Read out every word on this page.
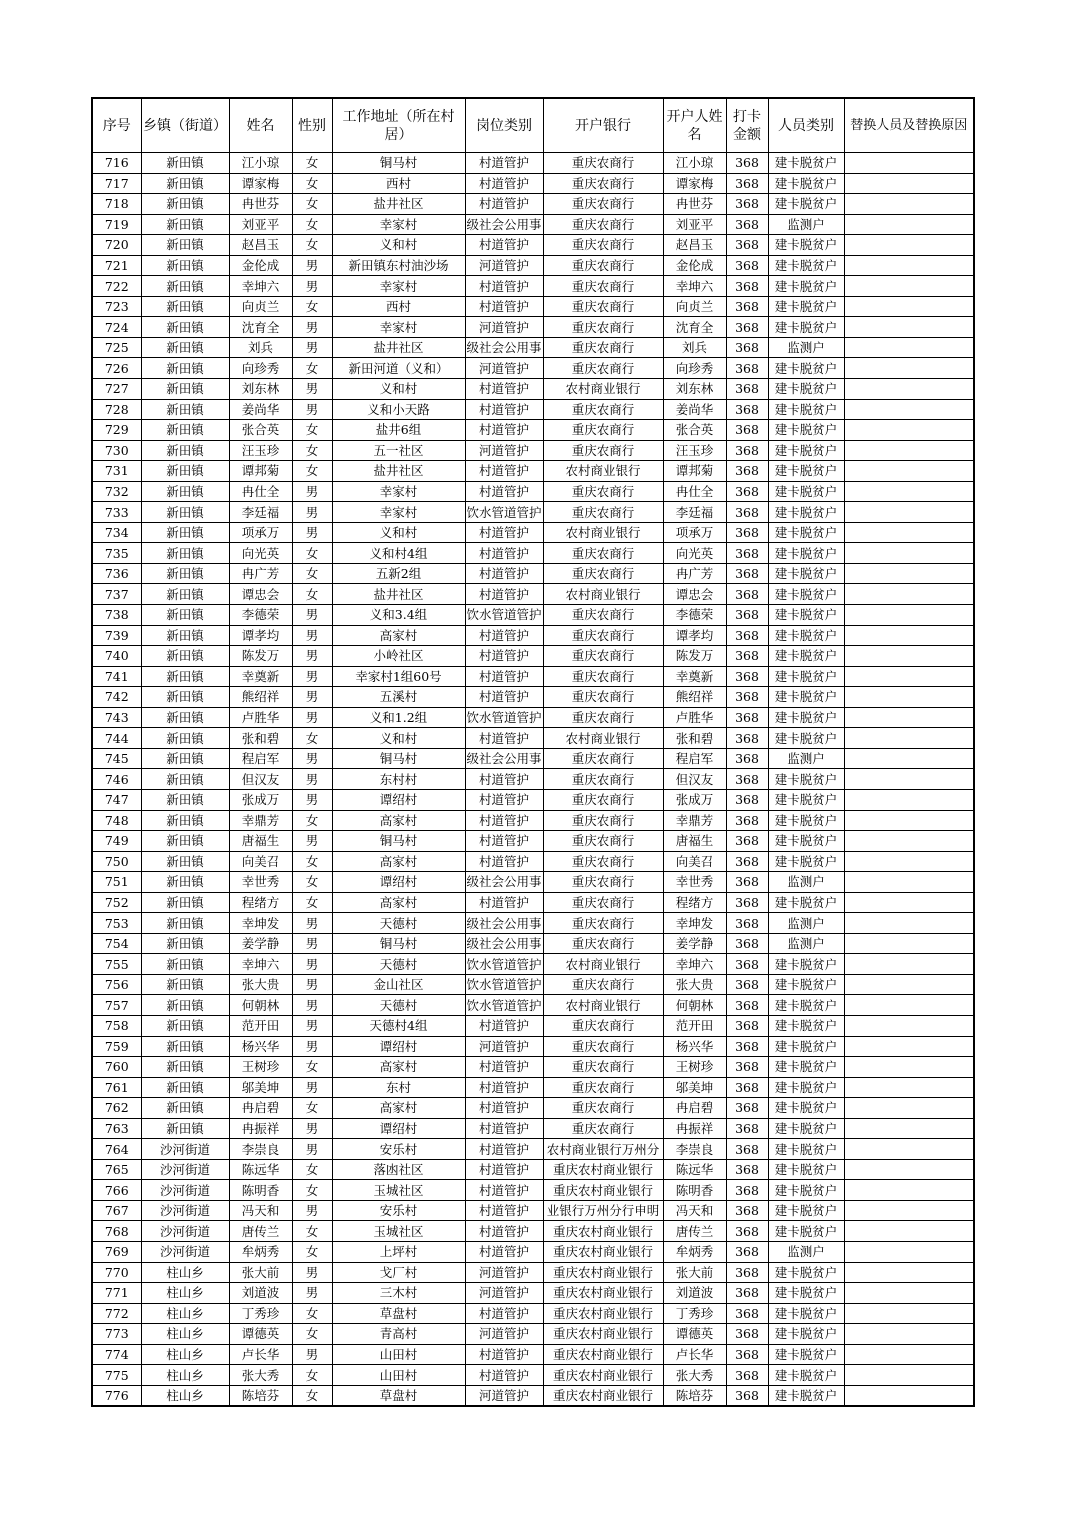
序号	乡镇（街道）	姓名	性别	工作地址（所在村居）	岗位类别	开户银行	开户人姓名	打卡金额	人员类别	替换人员及替换原因

716	新田镇	江小琼	女	铜马村	村道管护	重庆农商行	江小琼	368	建卡脱贫户	

717	新田镇	谭家梅	女	西村	村道管护	重庆农商行	谭家梅	368	建卡脱贫户	

718	新田镇	冉世芬	女	盐井社区	村道管护	重庆农商行	冉世芬	368	建卡脱贫户	

719	新田镇	刘亚平	女	幸家村	级社会公用事	重庆农商行	刘亚平	368	监测户	

720	新田镇	赵昌玉	女	义和村	村道管护	重庆农商行	赵昌玉	368	建卡脱贫户	

721	新田镇	金伦成	男	新田镇东村油沙场	河道管护	重庆农商行	金伦成	368	建卡脱贫户	

722	新田镇	幸坤六	男	幸家村	村道管护	重庆农商行	幸坤六	368	建卡脱贫户	

723	新田镇	向贞兰	女	西村	村道管护	重庆农商行	向贞兰	368	建卡脱贫户	

724	新田镇	沈育全	男	幸家村	河道管护	重庆农商行	沈育全	368	建卡脱贫户	

725	新田镇	刘兵	男	盐井社区	级社会公用事	重庆农商行	刘兵	368	监测户	

726	新田镇	向珍秀	女	新田河道（义和）	河道管护	重庆农商行	向珍秀	368	建卡脱贫户	

727	新田镇	刘东林	男	义和村	村道管护	农村商业银行	刘东林	368	建卡脱贫户	

728	新田镇	姜尚华	男	义和小天路	村道管护	重庆农商行	姜尚华	368	建卡脱贫户	

729	新田镇	张合英	女	盐井6组	村道管护	重庆农商行	张合英	368	建卡脱贫户	

730	新田镇	汪玉珍	女	五一社区	河道管护	重庆农商行	汪玉珍	368	建卡脱贫户	

731	新田镇	谭邦菊	女	盐井社区	村道管护	农村商业银行	谭邦菊	368	建卡脱贫户	

732	新田镇	冉仕全	男	幸家村	村道管护	重庆农商行	冉仕全	368	建卡脱贫户	

733	新田镇	李廷福	男	幸家村	饮水管道管护	重庆农商行	李廷福	368	建卡脱贫户	

734	新田镇	项承万	男	义和村	村道管护	农村商业银行	项承万	368	建卡脱贫户	

735	新田镇	向光英	女	义和村4组	村道管护	重庆农商行	向光英	368	建卡脱贫户	

736	新田镇	冉广芳	女	五新2组	村道管护	重庆农商行	冉广芳	368	建卡脱贫户	

737	新田镇	谭忠会	女	盐井社区	村道管护	农村商业银行	谭忠会	368	建卡脱贫户	

738	新田镇	李德荣	男	义和3.4组	饮水管道管护	重庆农商行	李德荣	368	建卡脱贫户	

739	新田镇	谭孝均	男	高家村	村道管护	重庆农商行	谭孝均	368	建卡脱贫户	

740	新田镇	陈发万	男	小岭社区	村道管护	重庆农商行	陈发万	368	建卡脱贫户	

741	新田镇	幸奠新	男	幸家村1组60号	村道管护	重庆农商行	幸奠新	368	建卡脱贫户	

742	新田镇	熊绍祥	男	五溪村	村道管护	重庆农商行	熊绍祥	368	建卡脱贫户	

743	新田镇	卢胜华	男	义和1.2组	饮水管道管护	重庆农商行	卢胜华	368	建卡脱贫户	

744	新田镇	张和碧	女	义和村	村道管护	农村商业银行	张和碧	368	建卡脱贫户	

745	新田镇	程启军	男	铜马村	级社会公用事	重庆农商行	程启军	368	监测户	

746	新田镇	但汉友	男	东村村	村道管护	重庆农商行	但汉友	368	建卡脱贫户	

747	新田镇	张成万	男	谭绍村	村道管护	重庆农商行	张成万	368	建卡脱贫户	

748	新田镇	幸鼎芳	女	高家村	村道管护	重庆农商行	幸鼎芳	368	建卡脱贫户	

749	新田镇	唐福生	男	铜马村	村道管护	重庆农商行	唐福生	368	建卡脱贫户	

750	新田镇	向美召	女	高家村	村道管护	重庆农商行	向美召	368	建卡脱贫户	

751	新田镇	幸世秀	女	谭绍村	级社会公用事	重庆农商行	幸世秀	368	监测户	

752	新田镇	程绪方	女	高家村	村道管护	重庆农商行	程绪方	368	建卡脱贫户	

753	新田镇	幸坤发	男	天德村	级社会公用事	重庆农商行	幸坤发	368	监测户	

754	新田镇	姜学静	男	铜马村	级社会公用事	重庆农商行	姜学静	368	监测户	

755	新田镇	幸坤六	男	天德村	饮水管道管护	农村商业银行	幸坤六	368	建卡脱贫户	

756	新田镇	张大贵	男	金山社区	饮水管道管护	重庆农商行	张大贵	368	建卡脱贫户	

757	新田镇	何朝林	男	天德村	饮水管道管护	农村商业银行	何朝林	368	建卡脱贫户	

758	新田镇	范开田	男	天德村4组	村道管护	重庆农商行	范开田	368	建卡脱贫户	

759	新田镇	杨兴华	男	谭绍村	河道管护	重庆农商行	杨兴华	368	建卡脱贫户	

760	新田镇	王树珍	女	高家村	村道管护	重庆农商行	王树珍	368	建卡脱贫户	

761	新田镇	邬美坤	男	东村	村道管护	重庆农商行	邬美坤	368	建卡脱贫户	

762	新田镇	冉启碧	女	高家村	村道管护	重庆农商行	冉启碧	368	建卡脱贫户	

763	新田镇	冉振祥	男	谭绍村	村道管护	重庆农商行	冉振祥	368	建卡脱贫户	

764	沙河街道	李崇良	男	安乐村	村道管护	农村商业银行万州分	李崇良	368	建卡脱贫户	

765	沙河街道	陈远华	女	落凼社区	村道管护	重庆农村商业银行	陈远华	368	建卡脱贫户	

766	沙河街道	陈明香	女	玉城社区	村道管护	重庆农村商业银行	陈明香	368	建卡脱贫户	

767	沙河街道	冯天和	男	安乐村	村道管护	业银行万州分行申明	冯天和	368	建卡脱贫户	

768	沙河街道	唐传兰	女	玉城社区	村道管护	重庆农村商业银行	唐传兰	368	建卡脱贫户	

769	沙河街道	牟炳秀	女	上坪村	村道管护	重庆农村商业银行	牟炳秀	368	监测户	

770	柱山乡	张大前	男	戈厂村	河道管护	重庆农村商业银行	张大前	368	建卡脱贫户	

771	柱山乡	刘道波	男	三木村	河道管护	重庆农村商业银行	刘道波	368	建卡脱贫户	

772	柱山乡	丁秀珍	女	草盘村	村道管护	重庆农村商业银行	丁秀珍	368	建卡脱贫户	

773	柱山乡	谭德英	女	青高村	河道管护	重庆农村商业银行	谭德英	368	建卡脱贫户	

774	柱山乡	卢长华	男	山田村	村道管护	重庆农村商业银行	卢长华	368	建卡脱贫户	

775	柱山乡	张大秀	女	山田村	村道管护	重庆农村商业银行	张大秀	368	建卡脱贫户	

776	柱山乡	陈培芬	女	草盘村	河道管护	重庆农村商业银行	陈培芬	368	建卡脱贫户	
